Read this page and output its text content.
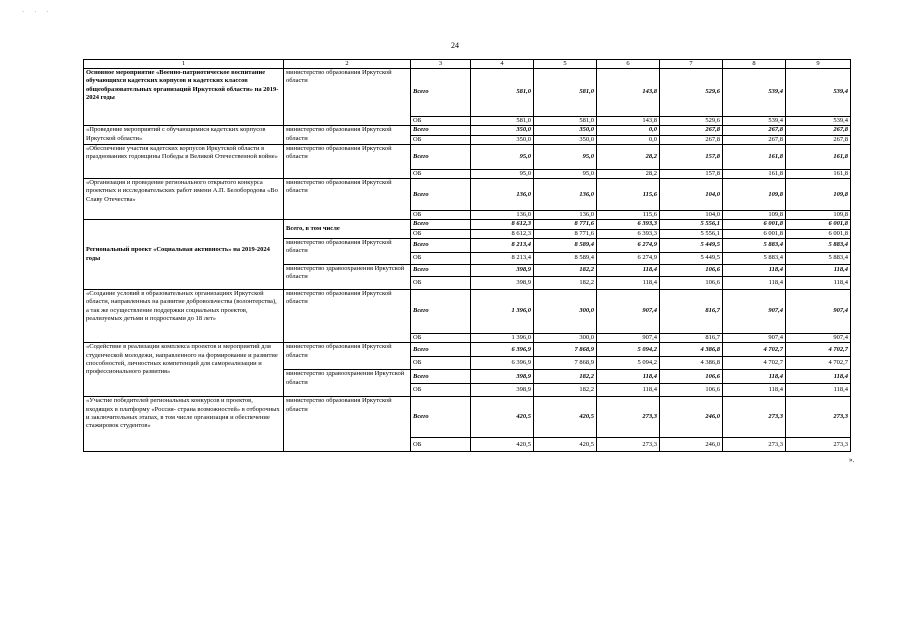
· · ·
24
1	2	3	4	5	6	7	8	9
Основное мероприятие «Военно-патриотическое воспитание обучающихся кадетских корпусов и кадетских классов общеобразовательных организаций Иркутской области» на 2019-2024 годы	министерство образования Иркутской области	Всего	581,0	581,0	143,8	529,6	539,4	539,4
		ОБ	581,0	581,0	143,8	529,6	539,4	539,4
«Проведение мероприятий с обучающимися кадетских корпусов Иркутской области»	министерство образования Иркутской области	Всего	350,0	350,0	0,0	267,8	267,8	267,8
		ОБ	350,0	350,0	0,0	267,8	267,8	267,8
«Обеспечение участия кадетских корпусов Иркутской области в празднованиях годовщины Победы в Великой Отечественной войне»	министерство образования Иркутской области	Всего	95,0	95,0	28,2	157,8	161,8	161,8
		ОБ	95,0	95,0	28,2	157,8	161,8	161,8
«Организация и проведение регионального открытого конкурса проектных и исследовательских работ имени А.П. Белобородова «Во Славу Отечества»	министерство образования Иркутской области	Всего	136,0	136,0	115,6	104,0	109,8	109,8
		ОБ	136,0	136,0	115,6	104,0	109,8	109,8
Региональный проект «Социальная активность» на 2019-2024 годы	Всего, в том числе	Всего	8 612,3	8 771,6	6 393,3	5 556,1	6 001,8	6 001,8
		ОБ	8 612,3	8 771,6	6 393,3	5 556,1	6 001,8	6 001,8
	министерство образования Иркутской области	Всего	8 213,4	8 589,4	6 274,9	5 449,5	5 883,4	5 883,4
		ОБ	8 213,4	8 589,4	6 274,9	5 449,5	5 883,4	5 883,4
	министерство здравоохранения Иркутской области	Всего	398,9	182,2	118,4	106,6	118,4	118,4
		ОБ	398,9	182,2	118,4	106,6	118,4	118,4
«Создание условий в образовательных организациях Иркутской области, направленных на развитие добровольчества (волонтерства), а так же осуществление поддержки социальных проектов, реализуемых детьми и подростками до 18 лет»	министерство образования Иркутской области	Всего	1 396,0	300,0	907,4	816,7	907,4	907,4
		ОБ	1 396,0	300,0	907,4	816,7	907,4	907,4
«Содействие в реализации комплекса проектов и мероприятий для студенческой молодежи, направленного на формирование и развитие способностей, личностных компетенций для самореализации и профессионального развития»	министерство образования Иркутской области	Всего	6 396,9	7 868,9	5 094,2	4 386,8	4 702,7	4 702,7
		ОБ	6 396,9	7 868,9	5 094,2	4 386,8	4 702,7	4 702,7
	министерство здравоохранения Иркутской области	Всего	398,9	182,2	118,4	106,6	118,4	118,4
		ОБ	398,9	182,2	118,4	106,6	118,4	118,4
«Участие победителей региональных конкурсов и проектов, входящих в платформу «Россия- страна возможностей» в отборочных и заключительных этапах, в том числе организация и обеспечение стажировок студентов»	министерство образования Иркутской области	Всего	420,5	420,5	273,3	246,0	273,3	273,3
		ОБ	420,5	420,5	273,3	246,0	273,3	273,3
».
